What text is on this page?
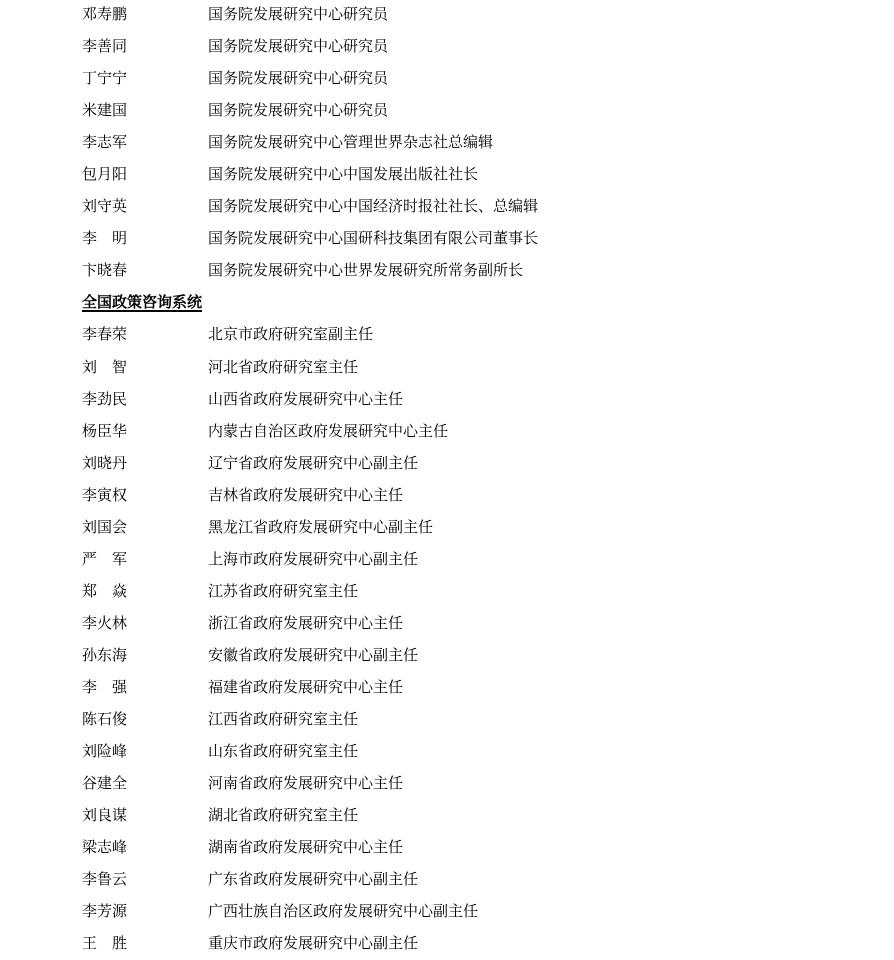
邓寿鹏	国务院发展研究中心研究员
李善同	国务院发展研究中心研究员
丁宁宁	国务院发展研究中心研究员
米建国	国务院发展研究中心研究员
李志军	国务院发展研究中心管理世界杂志社总编辑
包月阳	国务院发展研究中心中国发展出版社社长
刘守英	国务院发展研究中心中国经济时报社社长、总编辑
李　明	国务院发展研究中心国研科技集团有限公司董事长
卞晓春	国务院发展研究中心世界发展研究所常务副所长
全国政策咨询系统
李春荣	北京市政府研究室副主任
刘　智	河北省政府研究室主任
李劲民	山西省政府发展研究中心主任
杨臣华	内蒙古自治区政府发展研究中心主任
刘晓丹	辽宁省政府发展研究中心副主任
李寅权	吉林省政府发展研究中心主任
刘国会	黑龙江省政府发展研究中心副主任
严　军	上海市政府发展研究中心副主任
郑　焱	江苏省政府研究室主任
李火林	浙江省政府发展研究中心主任
孙东海	安徽省政府发展研究中心副主任
李　强	福建省政府发展研究中心主任
陈石俊	江西省政府研究室主任
刘险峰	山东省政府研究室主任
谷建全	河南省政府发展研究中心主任
刘良谋	湖北省政府研究室主任
梁志峰	湖南省政府发展研究中心主任
李鲁云	广东省政府发展研究中心副主任
李芳源	广西壮族自治区政府发展研究中心副主任
王　胜	重庆市政府发展研究中心副主任
